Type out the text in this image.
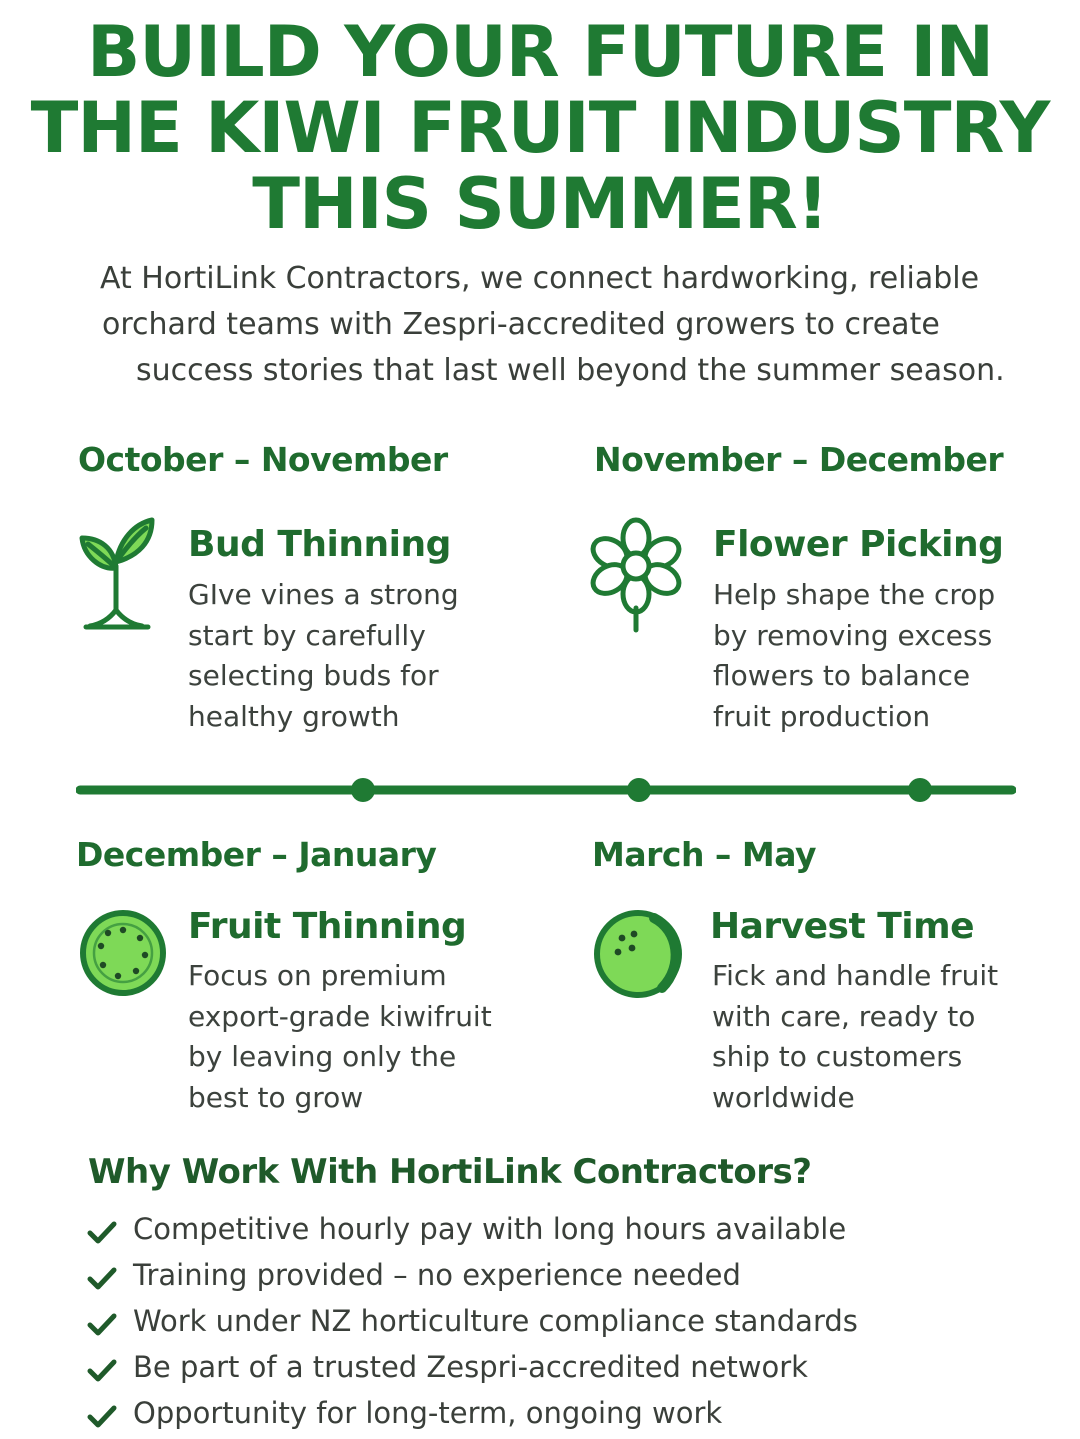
BUILD YOUR FUTURE IN
THE KIWI FRUIT INDUSTRY
THIS SUMMER!

At HortiLink Contractors, we connect hardworking, reliable
orchard teams with Zespri-accredited growers to create
success stories that last well beyond the summer season.

October – November
Bud Thinning
GIve vines a strong
start by carefully
selecting buds for
healthy growth
November – December
Flower Picking
Help shape the crop
by removing excess
flowers to balance
fruit production
December – January
Fruit Thinning
Focus on premium
export-grade kiwifruit
by leaving only the
best to grow
March – May
Harvest Time
Fick and handle fruit
with care, ready to
ship to customers
worldwide
Why Work With HortiLink Contractors?
Competitive hourly pay with long hours available
Training provided – no experience needed
Work under NZ horticulture compliance standards
Be part of a trusted Zespri-accredited network
Opportunity for long-term, ongoing work
